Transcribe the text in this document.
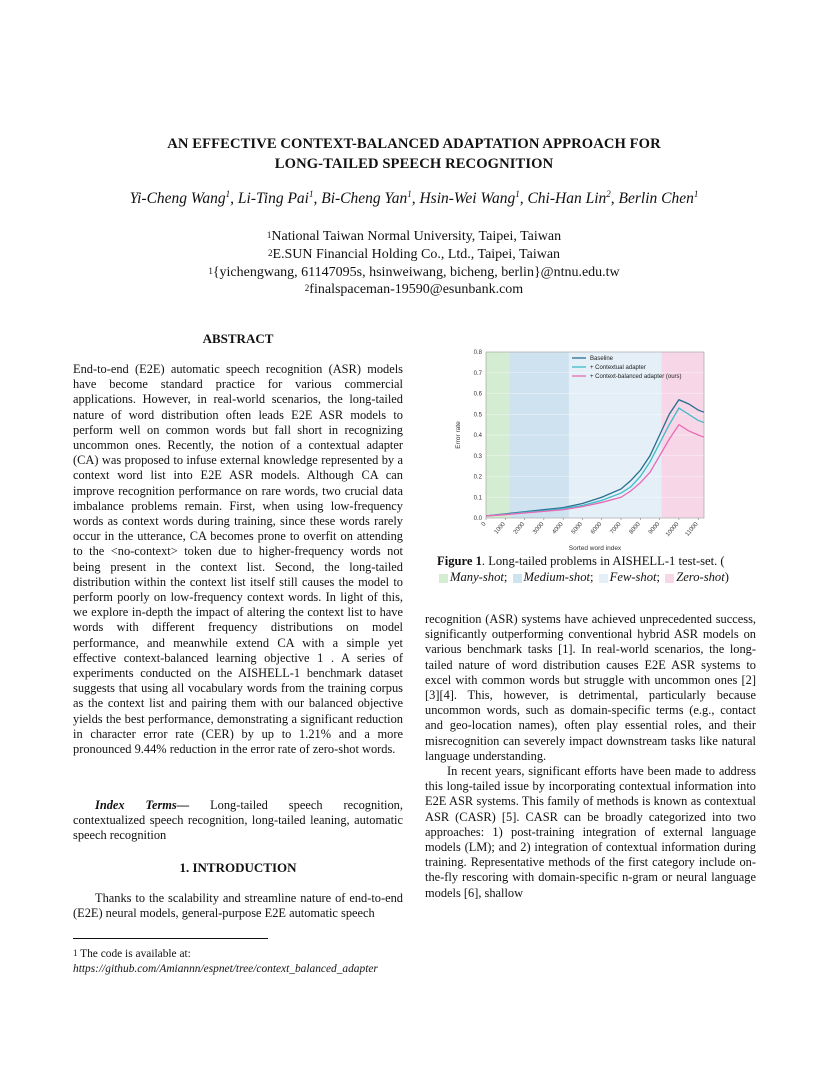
AN EFFECTIVE CONTEXT-BALANCED ADAPTATION APPROACH FOR
LONG-TAILED SPEECH RECOGNITION
Yi-Cheng Wang$^1$, Li-Ting Pai$^1$, Bi-Cheng Yan$^1$, Hsin-Wei Wang$^1$, Chi-Han Lin$^2$, Berlin Chen$^1$
$^1$National Taiwan Normal University, Taipei, Taiwan
$^2$E.SUN Financial Holding Co., Ltd., Taipei, Taiwan
$^1${yichengwang, 61147095s, hsinweiwang, bicheng, berlin}@ntnu.edu.tw
$^2$finalspaceman-19590@esunbank.com
ABSTRACT

End-to-end (E2E) automatic speech recognition (ASR) models have become standard practice for various commercial applications. However, in real-world scenarios, the long-tailed nature of word distribution often leads E2E ASR models to perform well on common words but fall short in recognizing uncommon ones. Recently, the notion of a contextual adapter (CA) was proposed to infuse external knowledge represented by a context word list into E2E ASR models. Although CA can improve recognition performance on rare words, two crucial data imbalance problems remain. First, when using low-frequency words as context words during training, since these words rarely occur in the utterance, CA becomes prone to overfit on attending to the <no-context> token due to higher-frequency words not being present in the context list. Second, the long-tailed distribution within the context list itself still causes the model to perform poorly on low-frequency context words. In light of this, we explore in-depth the impact of altering the context list to have words with different frequency distributions on model performance, and meanwhile extend CA with a simple yet effective context-balanced learning objective 1 . A series of experiments conducted on the AISHELL-1 benchmark dataset suggests that using all vocabulary words from the training corpus as the context list and pairing them with our balanced objective yields the best performance, demonstrating a significant reduction in character error rate (CER) by up to 1.21% and a more pronounced 9.44% reduction in the error rate of zero-shot words.

Index Terms— Long-tailed speech recognition, contextualized speech recognition, long-tailed leaning, automatic speech recognition

1. INTRODUCTION

Thanks to the scalability and streamline nature of end-to-end (E2E) neural models, general-purpose E2E automatic speech

$^1$ The code is available at:
https://github.com/Amiannn/espnet/tree/context_balanced_adapter
0.0
0.1
0.2
0.3
0.4
0.5
0.6
0.7
0.8
0 1000 2000 3000 4000 5000 6000 7000 8000 9000 10000 11000
Sorted word index
Error rate
Baseline
+ Contextual adapter
+ Context-balanced adapter (ours)
Figure 1. Long-tailed problems in AISHELL-1 test-set. ( Many-shot; Medium-shot; Few-shot; Zero-shot)

recognition (ASR) systems have achieved unprecedented success, significantly outperforming conventional hybrid ASR models on various benchmark tasks [1]. In real-world scenarios, the long-tailed nature of word distribution causes E2E ASR systems to excel with common words but struggle with uncommon ones [2][3][4]. This, however, is detrimental, particularly because uncommon words, such as domain-specific terms (e.g., contact and geo-location names), often play essential roles, and their misrecognition can severely impact downstream tasks like natural language understanding.

In recent years, significant efforts have been made to address this long-tailed issue by incorporating contextual information into E2E ASR systems. This family of methods is known as contextual ASR (CASR) [5]. CASR can be broadly categorized into two approaches: 1) post-training integration of external language models (LM); and 2) integration of contextual information during training. Representative methods of the first category include on-the-fly rescoring with domain-specific n-gram or neural language models [6], shallow
